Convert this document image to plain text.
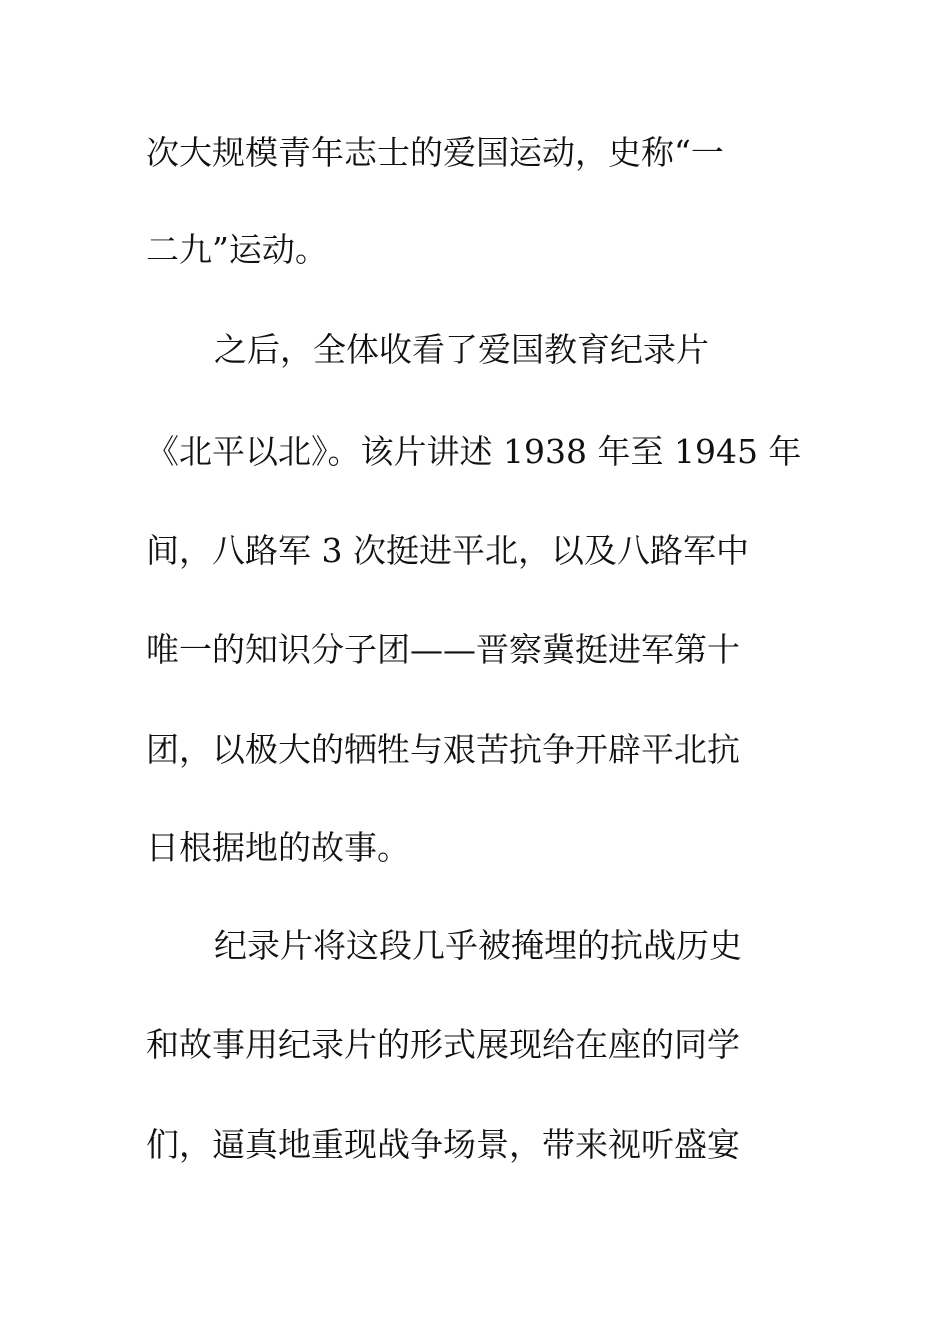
次大规模青年志士的爱国运动，史称“一
二九”运动。
之后，全体收看了爱国教育纪录片
《北平以北》。该片讲述 1938 年至 1945 年
间，八路军 3 次挺进平北，以及八路军中
唯一的知识分子团——晋察冀挺进军第十
团，以极大的牺牲与艰苦抗争开辟平北抗
日根据地的故事。
纪录片将这段几乎被掩埋的抗战历史
和故事用纪录片的形式展现给在座的同学
们，逼真地重现战争场景，带来视听盛宴
